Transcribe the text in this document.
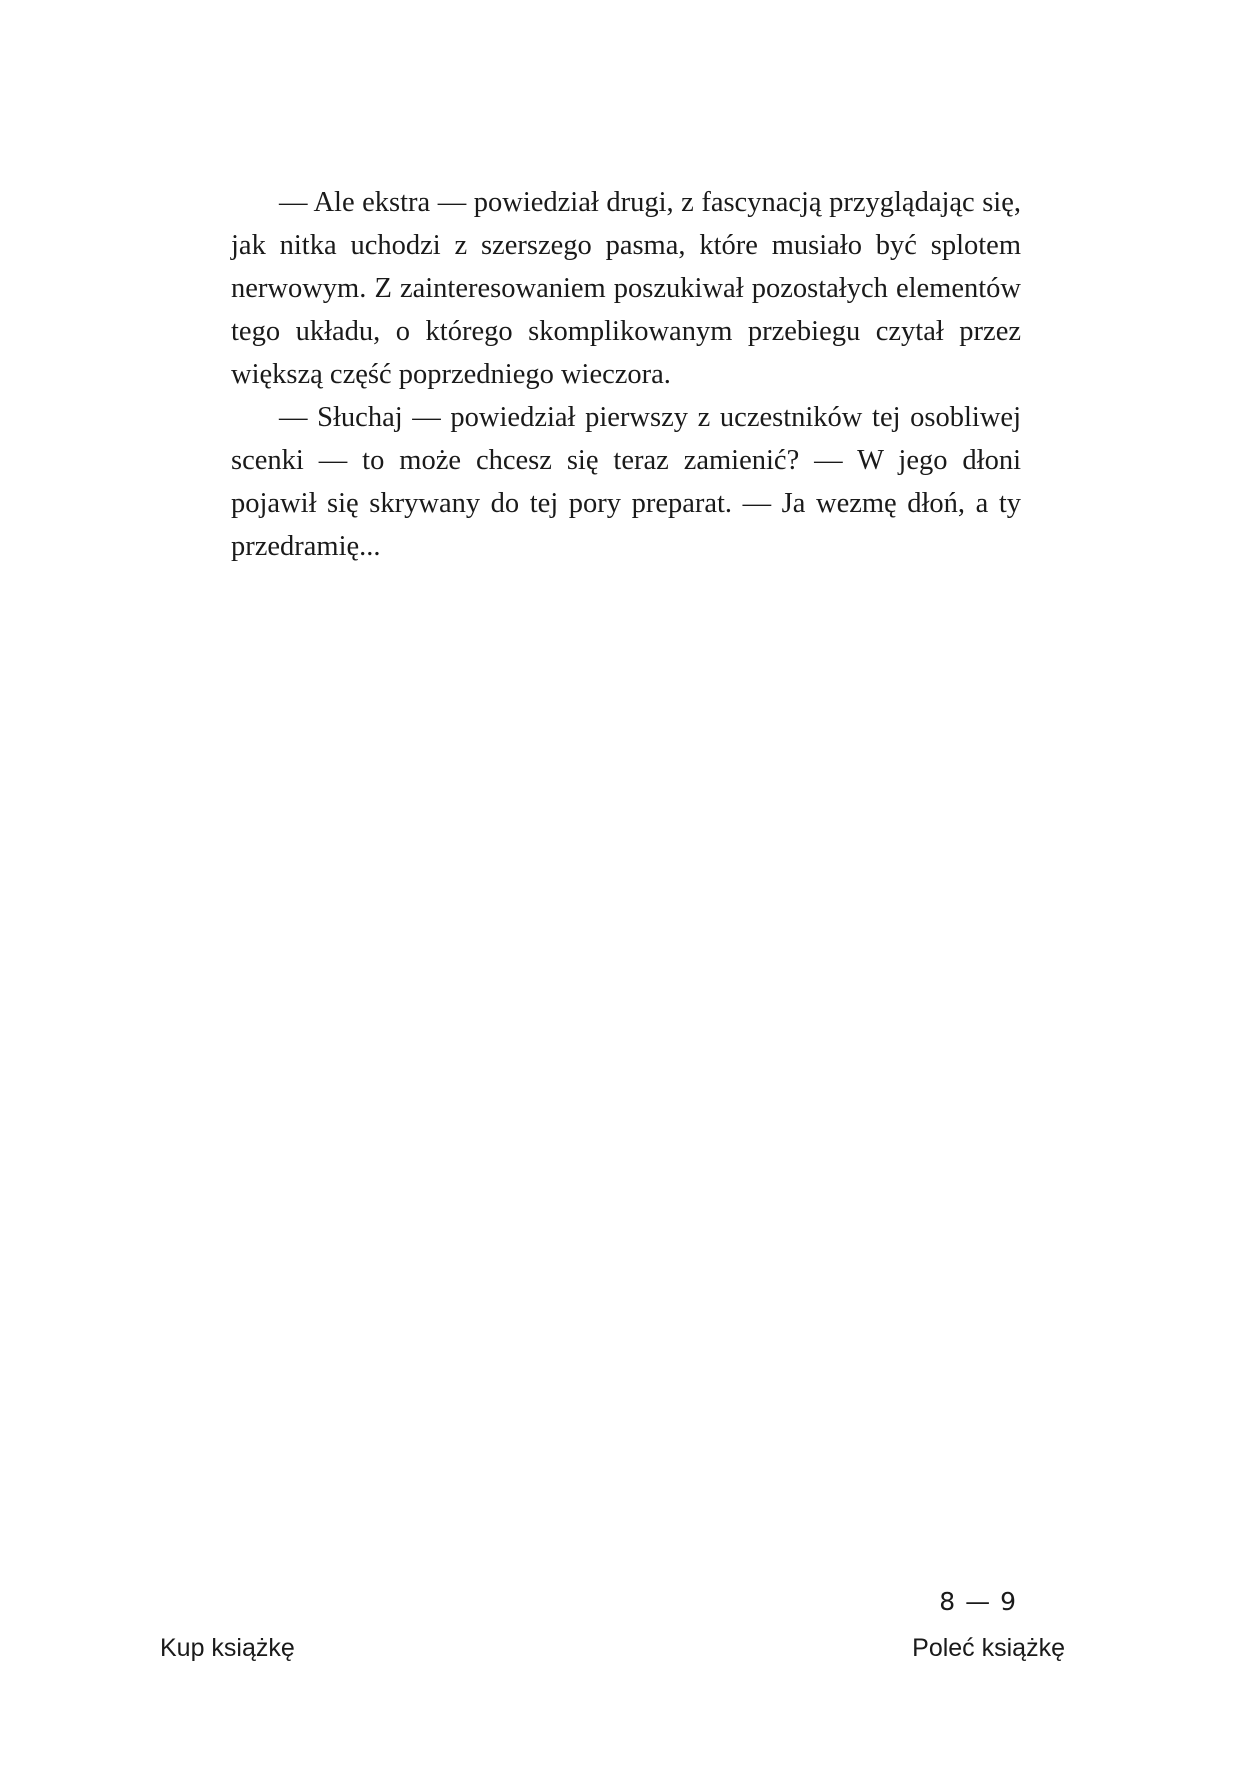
— Ale ekstra — powiedział drugi, z fascynacją przyglądając się, jak nitka uchodzi z szerszego pasma, które musiało być splotem nerwowym. Z zainteresowaniem poszukiwał pozostałych elementów tego układu, o którego skomplikowanym przebiegu czytał przez większą część poprzedniego wieczora.

— Słuchaj — powiedział pierwszy z uczestników tej osobliwej scenki — to może chcesz się teraz zamienić? — W jego dłoni pojawił się skrywany do tej pory preparat. — Ja wezmę dłoń, a ty przedramię...

8 — 9
Kup książkę	Poleć książkę
